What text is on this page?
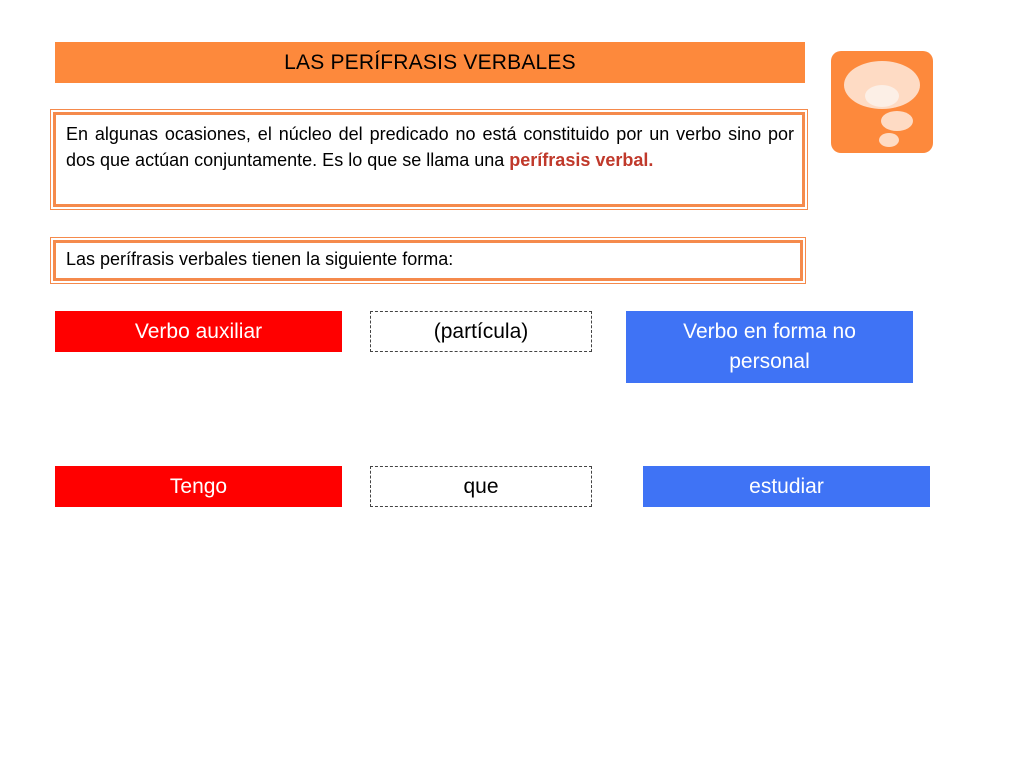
LAS PERÍFRASIS VERBALES
En algunas ocasiones, el núcleo del predicado no está constituido por un verbo sino por dos que actúan conjuntamente. Es lo que se llama una perífrasis verbal.
Las perífrasis verbales tienen la siguiente forma:
Verbo auxiliar	(partícula)	Verbo en forma no personal
Tengo	que	estudiar
